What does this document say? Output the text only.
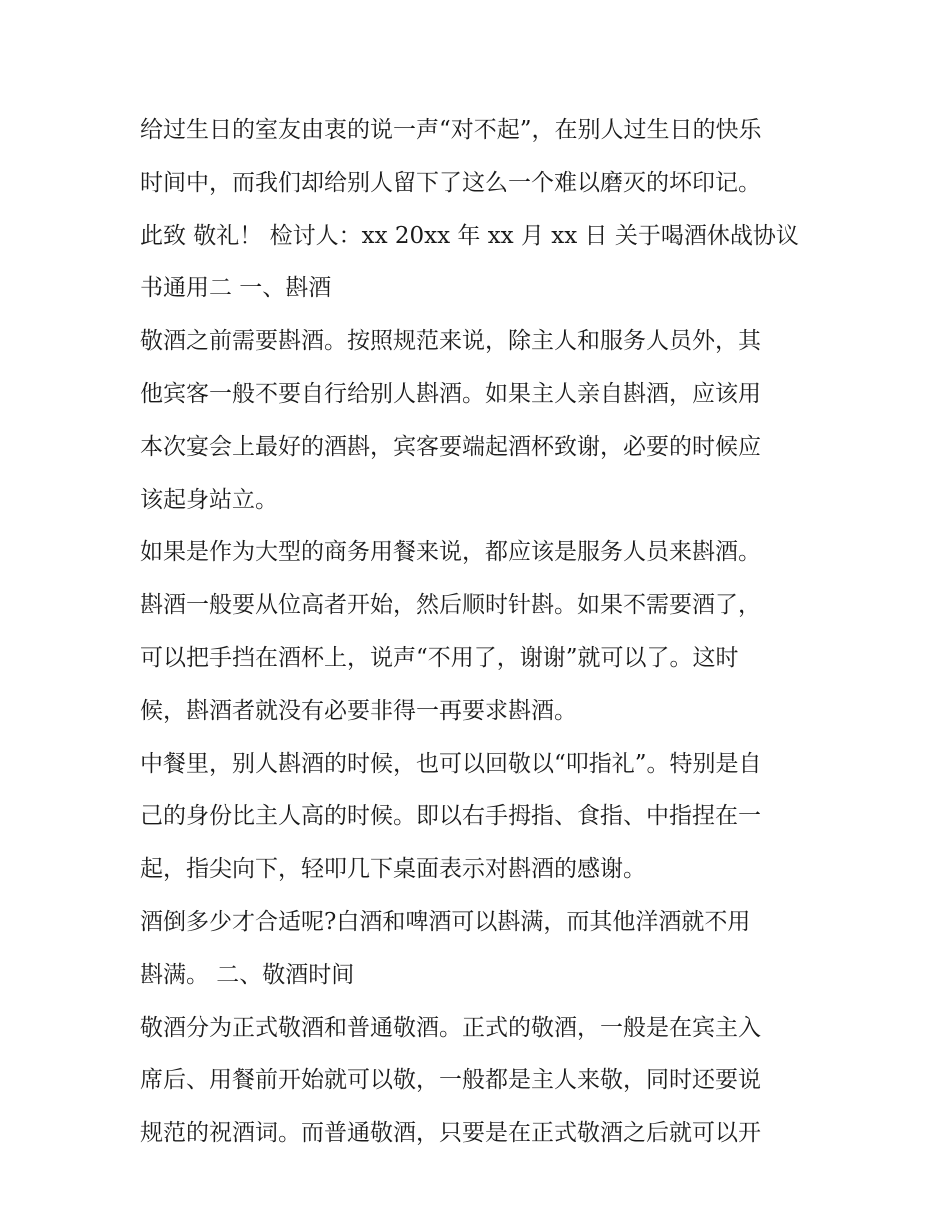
给过生日的室友由衷的说一声“对不起”，在别人过生日的快乐
时间中，而我们却给别人留下了这么一个难以磨灭的坏印记。
此致 敬礼！ 检讨人：xx 20xx 年 xx 月 xx 日 关于喝酒休战协议
书通用二 一、斟酒
敬酒之前需要斟酒。按照规范来说，除主人和服务人员外，其
他宾客一般不要自行给别人斟酒。如果主人亲自斟酒，应该用
本次宴会上最好的酒斟，宾客要端起酒杯致谢，必要的时候应
该起身站立。
如果是作为大型的商务用餐来说，都应该是服务人员来斟酒。
斟酒一般要从位高者开始，然后顺时针斟。如果不需要酒了，
可以把手挡在酒杯上，说声“不用了，谢谢”就可以了。这时
候，斟酒者就没有必要非得一再要求斟酒。
中餐里，别人斟酒的时候，也可以回敬以“叩指礼”。特别是自
己的身份比主人高的时候。即以右手拇指、食指、中指捏在一
起，指尖向下，轻叩几下桌面表示对斟酒的感谢。
酒倒多少才合适呢?白酒和啤酒可以斟满，而其他洋酒就不用
斟满。 二、敬酒时间
敬酒分为正式敬酒和普通敬酒。正式的敬酒，一般是在宾主入
席后、用餐前开始就可以敬，一般都是主人来敬，同时还要说
规范的祝酒词。而普通敬酒，只要是在正式敬酒之后就可以开
